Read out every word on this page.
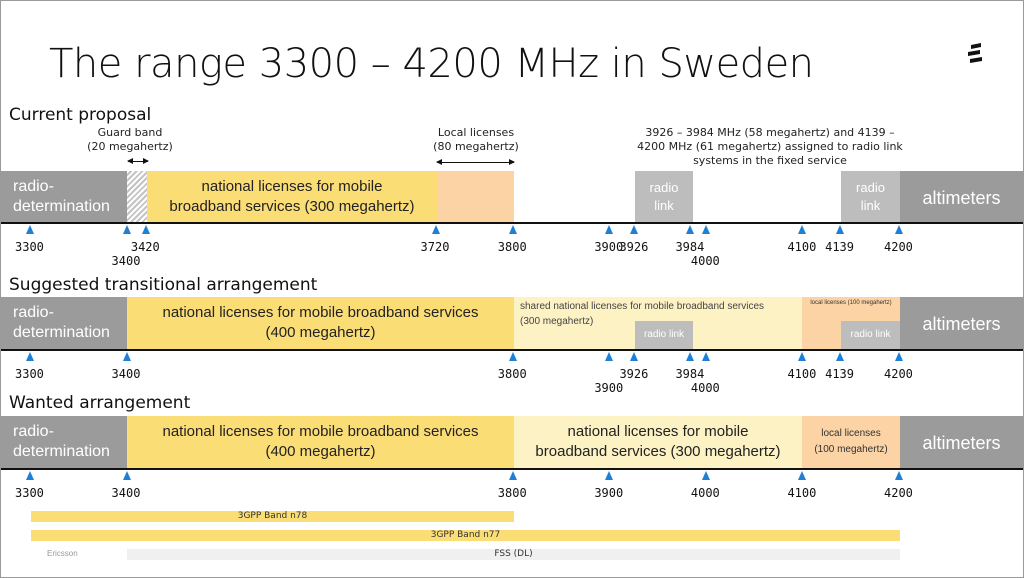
The range 3300 – 4200 MHz in Sweden
Current proposal
Guard band
(20 megahertz)
Local licenses
(80 megahertz)
3926 – 3984 MHz (58 megahertz) and 4139 –
4200 MHz (61 megahertz) assigned to radio link
systems in the fixed service
radio-
determination
national licenses for mobile
broadband services (300 megahertz)
radio
link
radio
link	altimeters
Suggested transitional arrangement
radio-
determination
national licenses for mobile broadband services
(400 megahertz)
shared national licenses for mobile broadband services
(300 megahertz)
radio link
local licenses (100 megahertz)
radio link
altimeters
Wanted arrangement
radio-
determination
national licenses for mobile broadband services
(400 megahertz)
national licenses for mobile
broadband services (300 megahertz)
local licenses
(100 megahertz)	altimeters
3GPP Band n78
3GPP Band n77
FSS (DL)
Ericsson
3300
3400
3420	3720	3800	3900
3926 3984
4000
4100 4139	4200
3300	3400	3800
3900
3926 3984
4000
4100 4139	4200
3300	3400	3800	3900	4000	4100	4200
